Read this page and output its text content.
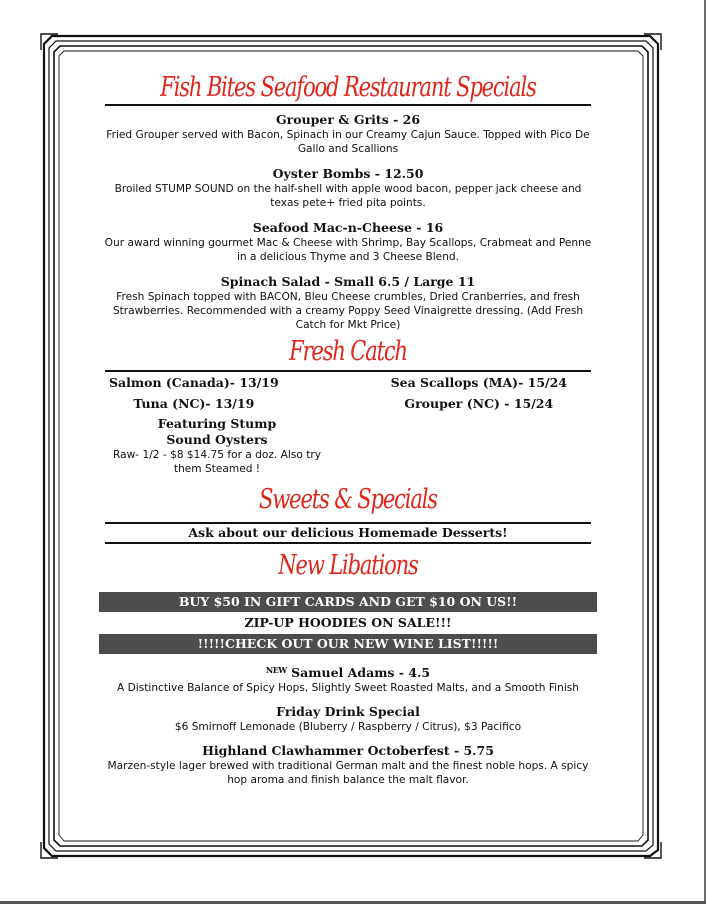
Fish Bites Seafood Restaurant Specials
Grouper & Grits - 26
Fried Grouper served with Bacon, Spinach in our Creamy Cajun Sauce. Topped with Pico De Gallo and Scallions
Oyster Bombs - 12.50
Broiled STUMP SOUND on the half-shell with apple wood bacon, pepper jack cheese and texas pete+ fried pita points.
Seafood Mac-n-Cheese - 16
Our award winning gourmet Mac & Cheese with Shrimp, Bay Scallops, Crabmeat and Penne in a delicious Thyme and 3 Cheese Blend.
Spinach Salad - Small 6.5 / Large 11
Fresh Spinach topped with BACON, Bleu Cheese crumbles, Dried Cranberries, and fresh Strawberries. Recommended with a creamy Poppy Seed Vinaigrette dressing. (Add Fresh Catch for Mkt Price)
Fresh Catch
Salmon (Canada)- 13/19
Tuna (NC)- 13/19
Sea Scallops (MA)- 15/24
Grouper (NC) - 15/24
Featuring Stump Sound Oysters
Raw- 1/2 - $8 $14.75 for a doz. Also try them Steamed !
Sweets & Specials
Ask about our delicious Homemade Desserts!
New Libations
BUY $50 IN GIFT CARDS AND GET $10 ON US!!
ZIP-UP HOODIES ON SALE!!!
!!!!!CHECK OUT OUR NEW WINE LIST!!!!!
$^{NEW}$ Samuel Adams - 4.5
A Distinctive Balance of Spicy Hops, Slightly Sweet Roasted Malts, and a Smooth Finish
Friday Drink Special
$6 Smirnoff Lemonade (Bluberry / Raspberry / Citrus), $3 Pacifico
Highland Clawhammer Octoberfest - 5.75
Marzen-style lager brewed with traditional German malt and the finest noble hops. A spicy hop aroma and finish balance the malt flavor.
